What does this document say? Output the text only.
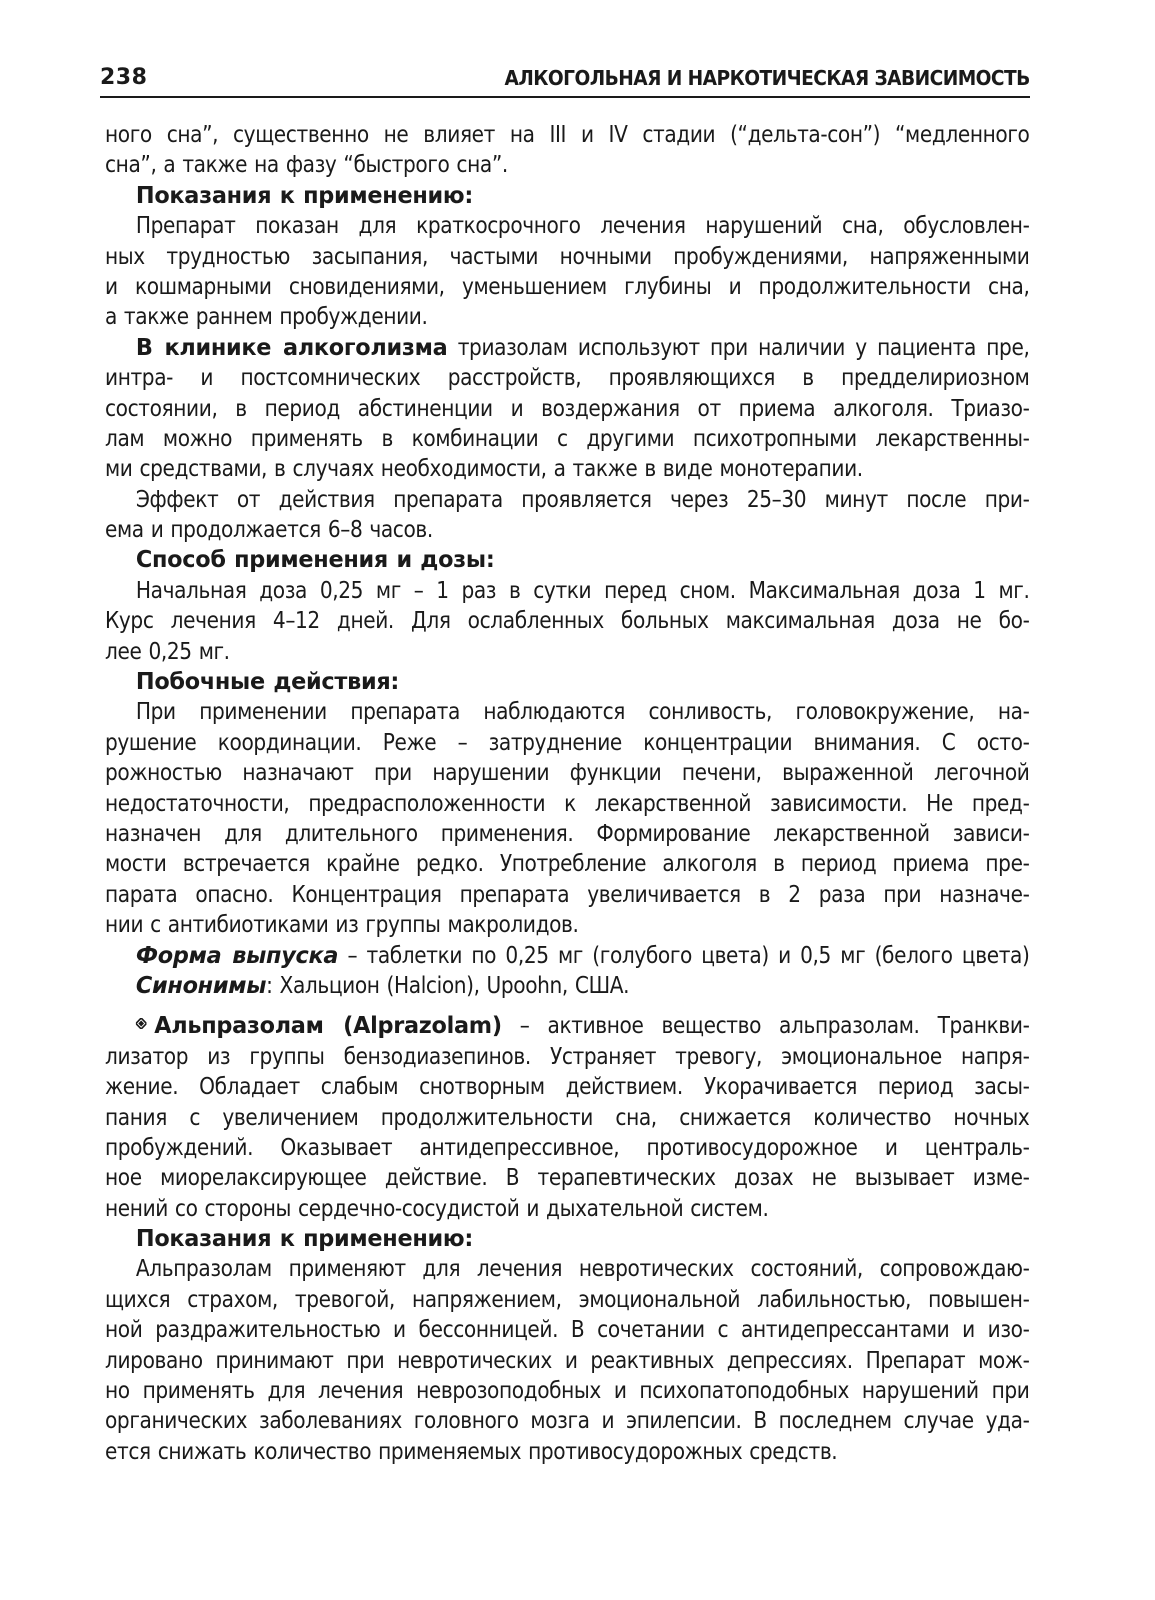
238	АЛКОГОЛЬНАЯ И НАРКОТИЧЕСКАЯ ЗАВИСИМОСТЬ
ного сна”, существенно не влияет на III и IV стадии (“дельта-сон”) “медленного
сна”, а также на фазу “быстрого сна”.
Показания к применению:
Препарат показан для краткосрочного лечения нарушений сна, обусловлен-
ных трудностью засыпания, частыми ночными пробуждениями, напряженными
и кошмарными сновидениями, уменьшением глубины и продолжительности сна,
а также раннем пробуждении.
В клинике алкоголизма триазолам используют при наличии у пациента пре,
интра- и постсомнических расстройств, проявляющихся в предделириозном
состоянии, в период абстиненции и воздержания от приема алкоголя. Триазо-
лам можно применять в комбинации с другими психотропными лекарственны-
ми средствами, в случаях необходимости, а также в виде монотерапии.
Эффект от действия препарата проявляется через 25–30 минут после при-
ема и продолжается 6–8 часов.
Способ применения и дозы:
Начальная доза 0,25 мг – 1 раз в сутки перед сном. Максимальная доза 1 мг.
Курс лечения 4–12 дней. Для ослабленных больных максимальная доза не бо-
лее 0,25 мг.
Побочные действия:
При применении препарата наблюдаются сонливость, головокружение, на-
рушение координации. Реже – затруднение концентрации внимания. С осто-
рожностью назначают при нарушении функции печени, выраженной легочной
недостаточности, предрасположенности к лекарственной зависимости. Не пред-
назначен для длительного применения. Формирование лекарственной зависи-
мости встречается крайне редко. Употребление алкоголя в период приема пре-
парата опасно. Концентрация препарата увеличивается в 2 раза при назначе-
нии с антибиотиками из группы макролидов.
Форма выпуска – таблетки по 0,25 мг (голубого цвета) и 0,5 мг (белого цвета)
Синонимы: Хальцион (Halcion), Upoohn, США.
Альпразолам (Alprazolam) – активное вещество альпразолам. Транкви-
лизатор из группы бензодиазепинов. Устраняет тревогу, эмоциональное напря-
жение. Обладает слабым снотворным действием. Укорачивается период засы-
пания с увеличением продолжительности сна, снижается количество ночных
пробуждений. Оказывает антидепрессивное, противосудорожное и централь-
ное миорелаксирующее действие. В терапевтических дозах не вызывает изме-
нений со стороны сердечно-сосудистой и дыхательной систем.
Показания к применению:
Альпразолам применяют для лечения невротических состояний, сопровождаю-
щихся страхом, тревогой, напряжением, эмоциональной лабильностью, повышен-
ной раздражительностью и бессонницей. В сочетании с антидепрессантами и изо-
лировано принимают при невротических и реактивных депрессиях. Препарат мож-
но применять для лечения неврозоподобных и психопатоподобных нарушений при
органических заболеваниях головного мозга и эпилепсии. В последнем случае уда-
ется снижать количество применяемых противосудорожных средств.
